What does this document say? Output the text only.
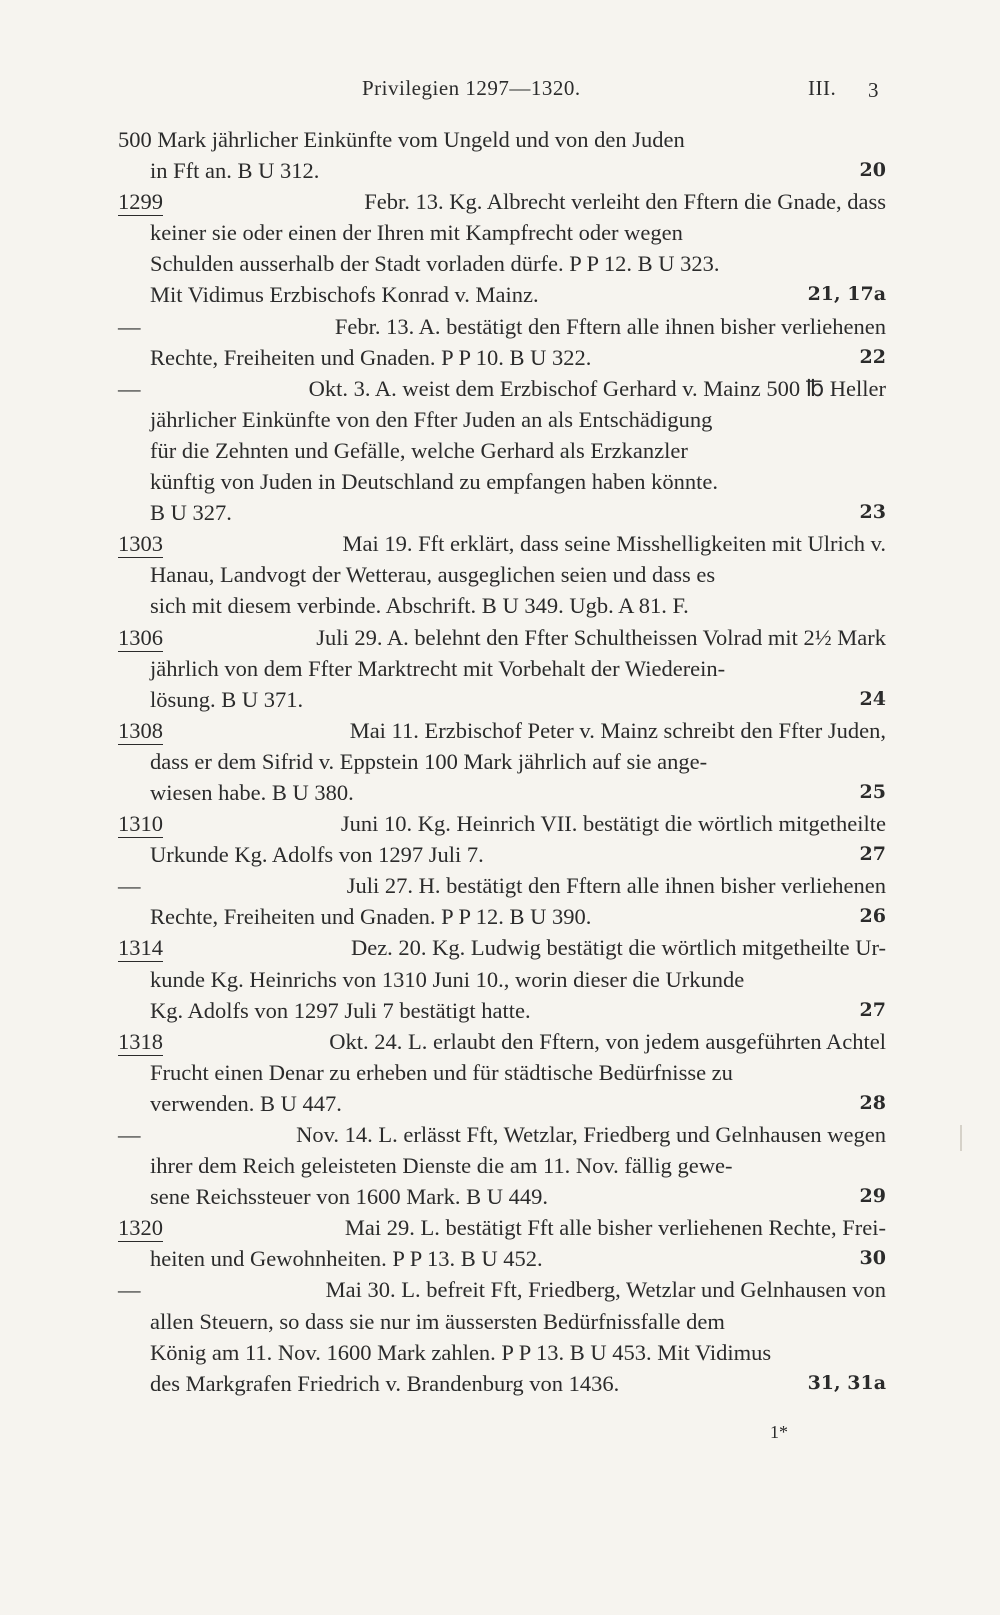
Privilegien 1297—1320.	III. 3
500 Mark jährlicher Einkünfte vom Ungeld und von den Juden
in Fft an. B U 312.	20
1299	Febr. 13. Kg. Albrecht verleiht den Fftern die Gnade, dass
keiner sie oder einen der Ihren mit Kampfrecht oder wegen
Schulden ausserhalb der Stadt vorladen dürfe. P P 12. B U 323.
Mit Vidimus Erzbischofs Konrad v. Mainz.	21, 17a
—	Febr. 13. A. bestätigt den Fftern alle ihnen bisher verliehenen
Rechte, Freiheiten und Gnaden. P P 10. B U 322.	22
—	Okt. 3. A. weist dem Erzbischof Gerhard v. Mainz 500 ℔ Heller
jährlicher Einkünfte von den Ffter Juden an als Entschädigung
für die Zehnten und Gefälle, welche Gerhard als Erzkanzler
künftig von Juden in Deutschland zu empfangen haben könnte.
B U 327.	23
1303	Mai 19. Fft erklärt, dass seine Misshelligkeiten mit Ulrich v.
Hanau, Landvogt der Wetterau, ausgeglichen seien und dass es
sich mit diesem verbinde. Abschrift. B U 349. Ugb. A 81. F.
1306	Juli 29. A. belehnt den Ffter Schultheissen Volrad mit 2½ Mark
jährlich von dem Ffter Marktrecht mit Vorbehalt der Wiederein-
lösung. B U 371.	24
1308	Mai 11. Erzbischof Peter v. Mainz schreibt den Ffter Juden,
dass er dem Sifrid v. Eppstein 100 Mark jährlich auf sie ange-
wiesen habe. B U 380.	25
1310	Juni 10. Kg. Heinrich VII. bestätigt die wörtlich mitgetheilte
Urkunde Kg. Adolfs von 1297 Juli 7.	27
—	Juli 27. H. bestätigt den Fftern alle ihnen bisher verliehenen
Rechte, Freiheiten und Gnaden. P P 12. B U 390.	26
1314	Dez. 20. Kg. Ludwig bestätigt die wörtlich mitgetheilte Ur-
kunde Kg. Heinrichs von 1310 Juni 10., worin dieser die Urkunde
Kg. Adolfs von 1297 Juli 7 bestätigt hatte.	27
1318	Okt. 24. L. erlaubt den Fftern, von jedem ausgeführten Achtel
Frucht einen Denar zu erheben und für städtische Bedürfnisse zu
verwenden. B U 447.	28
—	Nov. 14. L. erlässt Fft, Wetzlar, Friedberg und Gelnhausen wegen
ihrer dem Reich geleisteten Dienste die am 11. Nov. fällig gewe-
sene Reichssteuer von 1600 Mark. B U 449.	29
1320	Mai 29. L. bestätigt Fft alle bisher verliehenen Rechte, Frei-
heiten und Gewohnheiten. P P 13. B U 452.	30
—	Mai 30. L. befreit Fft, Friedberg, Wetzlar und Gelnhausen von
allen Steuern, so dass sie nur im äussersten Bedürfnissfalle dem
König am 11. Nov. 1600 Mark zahlen. P P 13. B U 453. Mit Vidimus
des Markgrafen Friedrich v. Brandenburg von 1436.	31, 31a
1*
